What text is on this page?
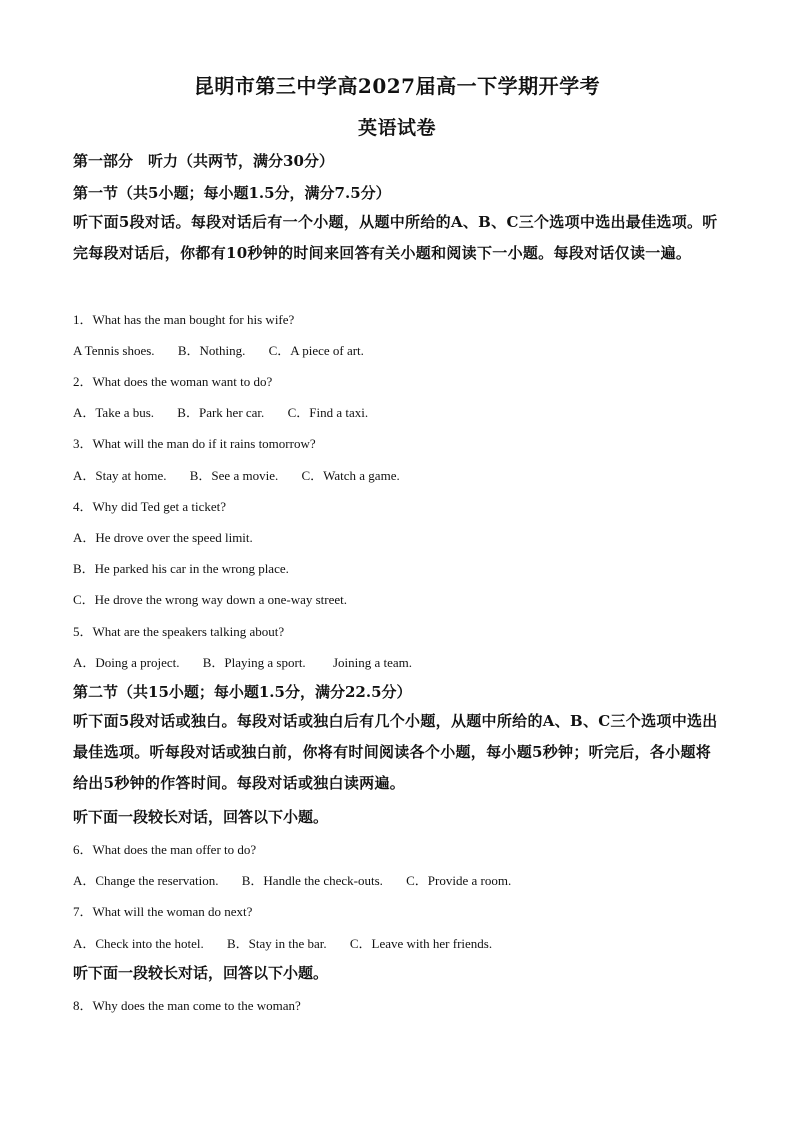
昆明市第三中学高2027届高一下学期开学考
英语试卷
第一部分　听力（共两节，满分30分）
第一节（共5小题；每小题1.5分，满分7.5分）
听下面5段对话。每段对话后有一个小题，从题中所给的A、B、C三个选项中选出最佳选项。听完每段对话后，你都有10秒钟的时间来回答有关小题和阅读下一小题。每段对话仅读一遍。
1．What has the man bought for his wife?
A Tennis shoes. B．Nothing. C．A piece of art.
2．What does the woman want to do?
A．Take a bus. B．Park her car. C．Find a taxi.
3．What will the man do if it rains tomorrow?
A．Stay at home. B．See a movie. C．Watch a game.
4．Why did Ted get a ticket?
A．He drove over the speed limit.
B．He parked his car in the wrong place.
C．He drove the wrong way down a one-way street.
5．What are the speakers talking about?
A．Doing a project. B．Playing a sport. Joining a team.
第二节（共15小题；每小题1.5分，满分22.5分）
听下面5段对话或独白。每段对话或独白后有几个小题，从题中所给的A、B、C三个选项中选出最佳选项。听每段对话或独白前，你将有时间阅读各个小题，每小题5秒钟；听完后，各小题将给出5秒钟的作答时间。每段对话或独白读两遍。
听下面一段较长对话，回答以下小题。
6．What does the man offer to do?
A．Change the reservation. B．Handle the check-outs. C．Provide a room.
7．What will the woman do next?
A．Check into the hotel. B．Stay in the bar. C．Leave with her friends.
听下面一段较长对话，回答以下小题。
8．Why does the man come to the woman?
